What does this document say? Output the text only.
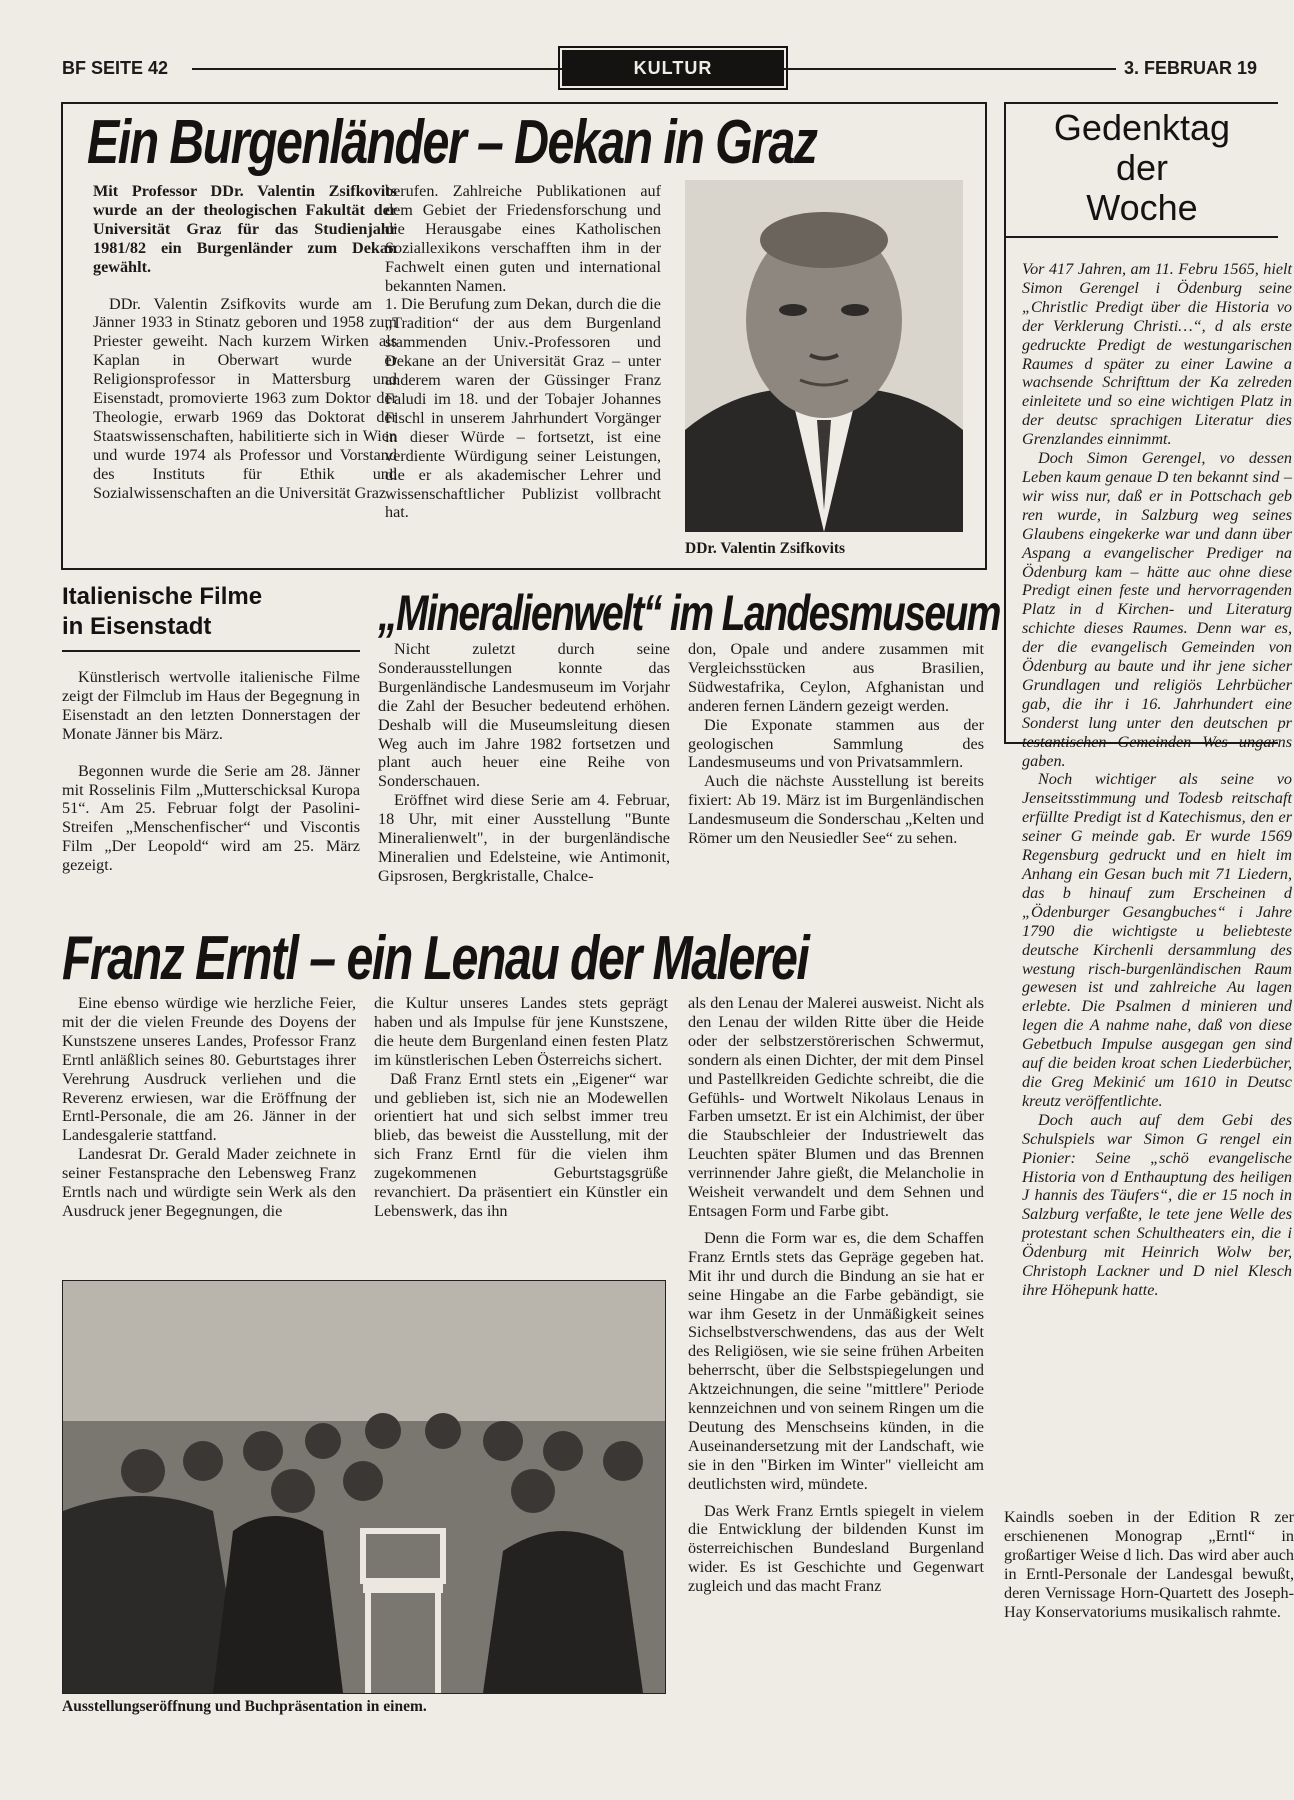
BF SEITE 42	KULTUR	3. FEBRUAR 19
Ein Burgenländer – Dekan in Graz

Mit Professor DDr. Valentin Zsifkovits wurde an der theologischen Fakultät der Universität Graz für das Studienjahr 1981/82 ein Burgenländer zum Dekan gewählt.

DDr. Valentin Zsifkovits wurde am 1. Jänner 1933 in Stinatz geboren und 1958 zum Priester geweiht. Nach kurzem Wirken als Kaplan in Oberwart wurde er Religionsprofessor in Mattersburg und Eisenstadt, promovierte 1963 zum Doktor der Theologie, erwarb 1969 das Doktorat der Staatswissenschaften, habilitierte sich in Wien und wurde 1974 als Professor und Vorstand des Instituts für Ethik und Sozialwissenschaften an die Universität Graz

berufen. Zahlreiche Publikationen auf dem Gebiet der Friedensforschung und die Herausgabe eines Katholischen Soziallexikons verschafften ihm in der Fachwelt einen guten und international bekannten Namen.

Die Berufung zum Dekan, durch die die „Tradition“ der aus dem Burgenland stammenden Univ.-Professoren und Dekane an der Universität Graz – unter anderem waren der Güssinger Franz Faludi im 18. und der Tobajer Johannes Fischl in unserem Jahrhundert Vorgänger in dieser Würde – fortsetzt, ist eine verdiente Würdigung seiner Leistungen, die er als akademischer Lehrer und wissenschaftlicher Publizist vollbracht hat.

DDr. Valentin Zsifkovits
Italienische Filme
in Eisenstadt

Künstlerisch wertvolle italienische Filme zeigt der Filmclub im Haus der Begegnung in Eisenstadt an den letzten Donnerstagen der Monate Jänner bis März.

Begonnen wurde die Serie am 28. Jänner mit Rosselinis Film „Mutterschicksal Kuropa 51“. Am 25. Februar folgt der Pasolini-Streifen „Menschenfischer“ und Viscontis Film „Der Leopold“ wird am 25. März gezeigt.

„Mineralienwelt“ im Landesmuseum

Nicht zuletzt durch seine Sonderausstellungen konnte das Burgenländische Landesmuseum im Vorjahr die Zahl der Besucher bedeutend erhöhen. Deshalb will die Museumsleitung diesen Weg auch im Jahre 1982 fortsetzen und plant auch heuer eine Reihe von Sonderschauen.

Eröffnet wird diese Serie am 4. Februar, 18 Uhr, mit einer Ausstellung "Bunte Mineralienwelt", in der burgenländische Mineralien und Edelsteine, wie Antimonit, Gipsrosen, Bergkristalle, Chalce-

don, Opale und andere zusammen mit Vergleichsstücken aus Brasilien, Südwestafrika, Ceylon, Afghanistan und anderen fernen Ländern gezeigt werden.

Die Exponate stammen aus der geologischen Sammlung des Landesmuseums und von Privatsammlern.

Auch die nächste Ausstellung ist bereits fixiert: Ab 19. März ist im Burgenländischen Landesmuseum die Sonderschau „Kelten und Römer um den Neusiedler See“ zu sehen.

Franz Erntl – ein Lenau der Malerei

Eine ebenso würdige wie herzliche Feier, mit der die vielen Freunde des Doyens der Kunstszene unseres Landes, Professor Franz Erntl anläßlich seines 80. Geburtstages ihrer Verehrung Ausdruck verliehen und die Reverenz erwiesen, war die Eröffnung der Erntl-Personale, die am 26. Jänner in der Landesgalerie stattfand.

Landesrat Dr. Gerald Mader zeichnete in seiner Festansprache den Lebensweg Franz Erntls nach und würdigte sein Werk als den Ausdruck jener Begegnungen, die

die Kultur unseres Landes stets geprägt haben und als Impulse für jene Kunstszene, die heute dem Burgenland einen festen Platz im künstlerischen Leben Österreichs sichert.

Daß Franz Erntl stets ein „Eigener“ war und geblieben ist, sich nie an Modewellen orientiert hat und sich selbst immer treu blieb, das beweist die Ausstellung, mit der sich Franz Erntl für die vielen ihm zugekommenen Geburtstagsgrüße revanchiert. Da präsentiert ein Künstler ein Lebenswerk, das ihn

als den Lenau der Malerei ausweist. Nicht als den Lenau der wilden Ritte über die Heide oder der selbstzerstörerischen Schwermut, sondern als einen Dichter, der mit dem Pinsel und Pastellkreiden Gedichte schreibt, die die Gefühls- und Wortwelt Nikolaus Lenaus in Farben umsetzt. Er ist ein Alchimist, der über die Staubschleier der Industriewelt das Leuchten später Blumen und das Brennen verrinnender Jahre gießt, die Melancholie in Weisheit verwandelt und dem Sehnen und Entsagen Form und Farbe gibt.

Denn die Form war es, die dem Schaffen Franz Erntls stets das Gepräge gegeben hat. Mit ihr und durch die Bindung an sie hat er seine Hingabe an die Farbe gebändigt, sie war ihm Gesetz in der Unmäßigkeit seines Sichselbstverschwendens, das aus der Welt des Religiösen, wie sie seine frühen Arbeiten beherrscht, über die Selbstspiegelungen und Aktzeichnungen, die seine "mittlere" Periode kennzeichnen und von seinem Ringen um die Deutung des Menschseins künden, in die Auseinandersetzung mit der Landschaft, wie sie in den "Birken im Winter" vielleicht am deutlichsten wird, mündete.

Das Werk Franz Erntls spiegelt in vielem die Entwicklung der bildenden Kunst im österreichischen Bundesland Burgenland wider. Es ist Geschichte und Gegenwart zugleich und das macht Franz

Ausstellungseröffnung und Buchpräsentation in einem.
Gedenktag
der
Woche

Vor 417 Jahren, am 11. Febru 1565, hielt Simon Gerengel i Ödenburg seine „Christlic Predigt über die Historia vo der Verklerung Christi…“, d als erste gedruckte Predigt de westungarischen Raumes d später zu einer Lawine a wachsende Schrifttum der Ka zelreden einleitete und so eine wichtigen Platz in der deutsc sprachigen Literatur dies Grenzlandes einnimmt.

Doch Simon Gerengel, vo dessen Leben kaum genaue D ten bekannt sind – wir wiss nur, daß er in Pottschach geb ren wurde, in Salzburg weg seines Glaubens eingekerke war und dann über Aspang a evangelischer Prediger na Ödenburg kam – hätte auc ohne diese Predigt einen feste und hervorragenden Platz in d Kirchen- und Literaturg schichte dieses Raumes. Denn war es, der die evangelisch Gemeinden von Ödenburg au baute und ihr jene sicher Grundlagen und religiös Lehrbücher gab, die ihr i 16. Jahrhundert eine Sonderst lung unter den deutschen pr testantischen Gemeinden Wes ungarns gaben.

Noch wichtiger als seine vo Jenseitsstimmung und Todesb reitschaft erfüllte Predigt ist d Katechismus, den er seiner G meinde gab. Er wurde 1569 Regensburg gedruckt und en hielt im Anhang ein Gesan buch mit 71 Liedern, das b hinauf zum Erscheinen d „Ödenburger Gesangbuches“ i Jahre 1790 die wichtigste u beliebteste deutsche Kirchenli dersammlung des westung risch-burgenländischen Raum gewesen ist und zahlreiche Au lagen erlebte. Die Psalmen d minieren und legen die A nahme nahe, daß von diese Gebetbuch Impulse ausgegan gen sind auf die beiden kroat schen Liederbücher, die Greg Mekinić um 1610 in Deutsc kreutz veröffentlichte.

Doch auch auf dem Gebi des Schulspiels war Simon G rengel ein Pionier: Seine „schö evangelische Historia von d Enthauptung des heiligen J hannis des Täufers“, die er 15 noch in Salzburg verfaßte, le tete jene Welle des protestant schen Schultheaters ein, die i Ödenburg mit Heinrich Wolw ber, Christoph Lackner und D niel Klesch ihre Höhepunk hatte.

Kaindls soeben in der Edition R zer erschienenen Monograp „Erntl“ in großartiger Weise d lich. Das wird aber auch in Erntl-Personale der Landesgal bewußt, deren Vernissage Horn-Quartett des Joseph-Hay Konservatoriums musikalisch rahmte.
